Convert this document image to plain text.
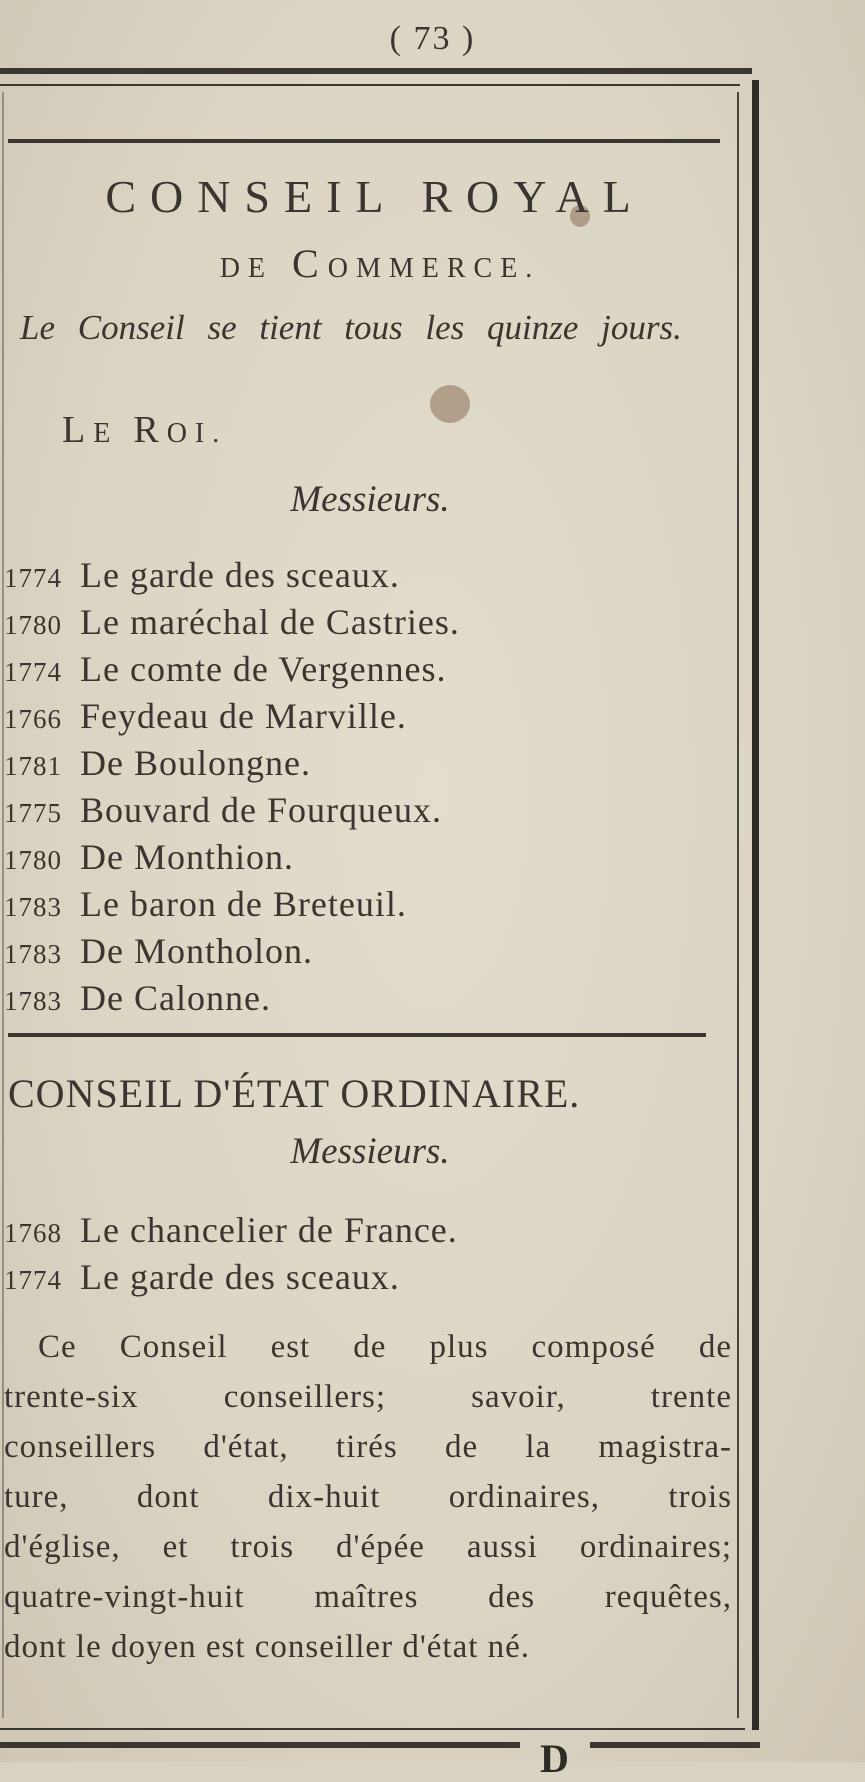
( 73 )
CONSEIL ROYAL
DE COMMERCE.
Le Conseil se tient tous les quinze jours.
LE ROI.
Messieurs.
1774 Le garde des sceaux.
1780 Le maréchal de Castries.
1774 Le comte de Vergennes.
1766 Feydeau de Marville.
1781 De Boulongne.
1775 Bouvard de Fourqueux.
1780 De Monthion.
1783 Le baron de Breteuil.
1783 De Montholon.
1783 De Calonne.
CONSEIL D'ÉTAT ORDINAIRE.
Messieurs.
1768 Le chancelier de France.
1774 Le garde des sceaux.
Ce Conseil est de plus composé de
trente-six conseillers; savoir, trente
conseillers d'état, tirés de la magistra-
ture, dont dix-huit ordinaires, trois
d'église, et trois d'épée aussi ordinaires;
quatre-vingt-huit maîtres des requêtes,
dont le doyen est conseiller d'état né.
D
